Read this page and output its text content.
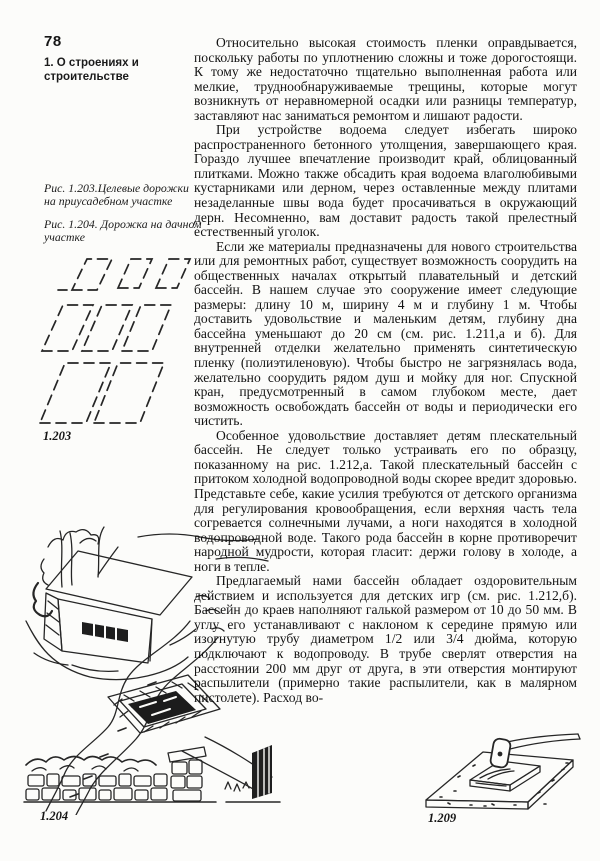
78
1. О строениях и строительстве
Рис. 1.203.Целевые дорожки на приусадебном участке
Рис. 1.204. Дорожка на дачном участке
1.203
1.204

Относительно высокая стоимость пленки оправдывается, поскольку работы по уплотнению сложны и тоже дорогостоящи. К тому же недостаточно тщательно выполненная работа или мелкие, труднообнаруживаемые трещины, которые могут возникнуть от неравномерной осадки или разницы температур, заставляют нас заниматься ремонтом и лишают радости.

При устройстве водоема следует избегать широко распространенного бетонного утолщения, завершающего края. Гораздо лучшее впечатление производит край, облицованный плитками. Можно также обсадить края водоема влаголюбивыми кустарниками или дерном, через оставленные между плитами незаделанные швы вода будет просачиваться в окружающий дерн. Несомненно, вам доставит радость такой прелестный естественный уголок.

Если же материалы предназначены для нового строительства или для ремонтных работ, существует возможность соорудить на общественных началах открытый плавательный и детский бассейн. В нашем случае это сооружение имеет следующие размеры: длину 10 м, ширину 4 м и глубину 1 м. Чтобы доставить удовольствие и маленьким детям, глубину дна бассейна уменьшают до 20 см (см. рис. 1.211,а и б). Для внутренней отделки желательно применять синтетическую пленку (полиэтиленовую). Чтобы быстро не загрязнялась вода, желательно соорудить рядом душ и мойку для ног. Спускной кран, предусмотренный в самом глубоком месте, дает возможность освобождать бассейн от воды и периодически его чистить.

Особенное удовольствие доставляет детям плескательный бассейн. Не следует только устраивать его по образцу, показанному на рис. 1.212,а. Такой плескательный бассейн с притоком холодной водопроводной воды скорее вредит здоровью. Представьте себе, какие усилия требуются от детского организма для регулирования кровообращения, если верхняя часть тела согревается солнечными лучами, а ноги находятся в холодной водопроводной воде. Такого рода бассейн в корне противоречит народной мудрости, которая гласит: держи голову в холоде, а ноги в тепле.

Предлагаемый нами бассейн обладает оздоровительным действием и используется для детских игр (см. рис. 1.212,б). Бассейн до краев наполняют галькой размером от 10 до 50 мм. В углу его устанавливают с наклоном к середине прямую или изогнутую трубу диаметром 1/2 или 3/4 дюйма, которую подключают к водопроводу. В трубе сверлят отверстия на расстоянии 200 мм друг от друга, в эти отверстия монтируют распылители (примерно такие распылители, как в малярном пистолете). Расход во-

1.209
